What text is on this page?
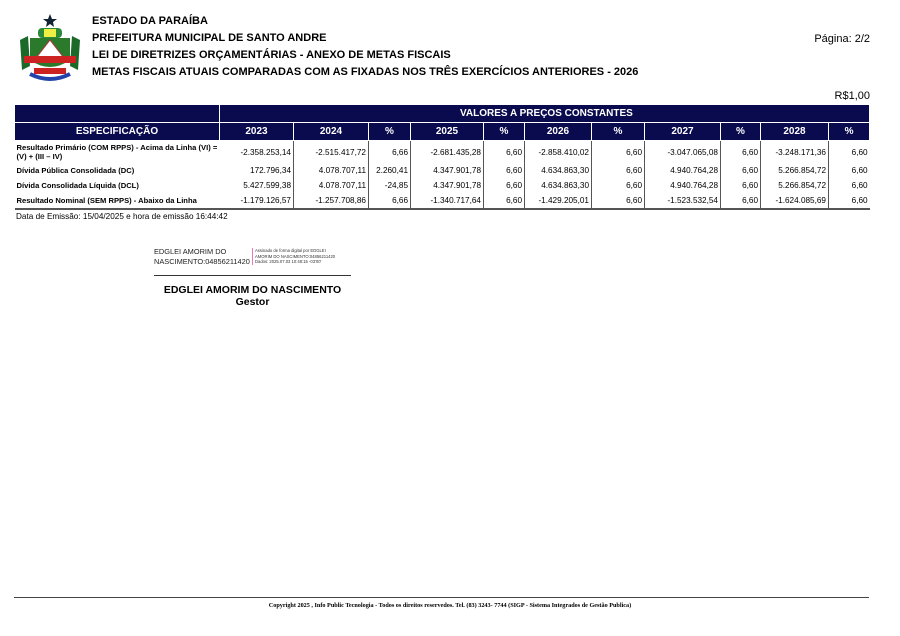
ESTADO DA PARAÍBA
PREFEITURA MUNICIPAL DE SANTO ANDRE
LEI DE DIRETRIZES ORÇAMENTÁRIAS - ANEXO DE METAS FISCAIS
METAS FISCAIS ATUAIS COMPARADAS COM AS FIXADAS NOS TRÊS EXERCÍCIOS ANTERIORES - 2026
Página: 2/2
R$1,00
	VALORES A PREÇOS CONSTANTES										
ESPECIFICAÇÃO	2023	2024	%	2025	%	2026	%	2027	%	2028	%
Resultado Primário (COM RPPS) - Acima da Linha (VI) = (V) + (III – IV)	-2.358.253,14	-2.515.417,72	6,66	-2.681.435,28	6,60	-2.858.410,02	6,60	-3.047.065,08	6,60	-3.248.171,36	6,60
Dívida Pública Consolidada (DC)	172.796,34	4.078.707,11	2.260,41	4.347.901,78	6,60	4.634.863,30	6,60	4.940.764,28	6,60	5.266.854,72	6,60
Dívida Consolidada Líquida (DCL)	5.427.599,38	4.078.707,11	-24,85	4.347.901,78	6,60	4.634.863,30	6,60	4.940.764,28	6,60	5.266.854,72	6,60
Resultado Nominal (SEM RPPS) - Abaixo da Linha	-1.179.126,57	-1.257.708,86	6,66	-1.340.717,64	6,60	-1.429.205,01	6,60	-1.523.532,54	6,60	-1.624.085,69	6,60
Data de Emissão: 15/04/2025 e hora de emissão 16:44:42
EDGLEI AMORIM DO
NASCIMENTO:04856211420
Assinado de forma digital por EDGLEI
AMORIM DO NASCIMENTO:04856211420
Dados: 2025.07.03 10:48:15 -03'00'
EDGLEI AMORIM DO NASCIMENTO
Gestor
Copyright 2025 , Info Public Tecnologia - Todos os direitos reservedos. Tel. (83) 3243- 7744 (SIGP - Sistema Integrados de Gestão Publica)
